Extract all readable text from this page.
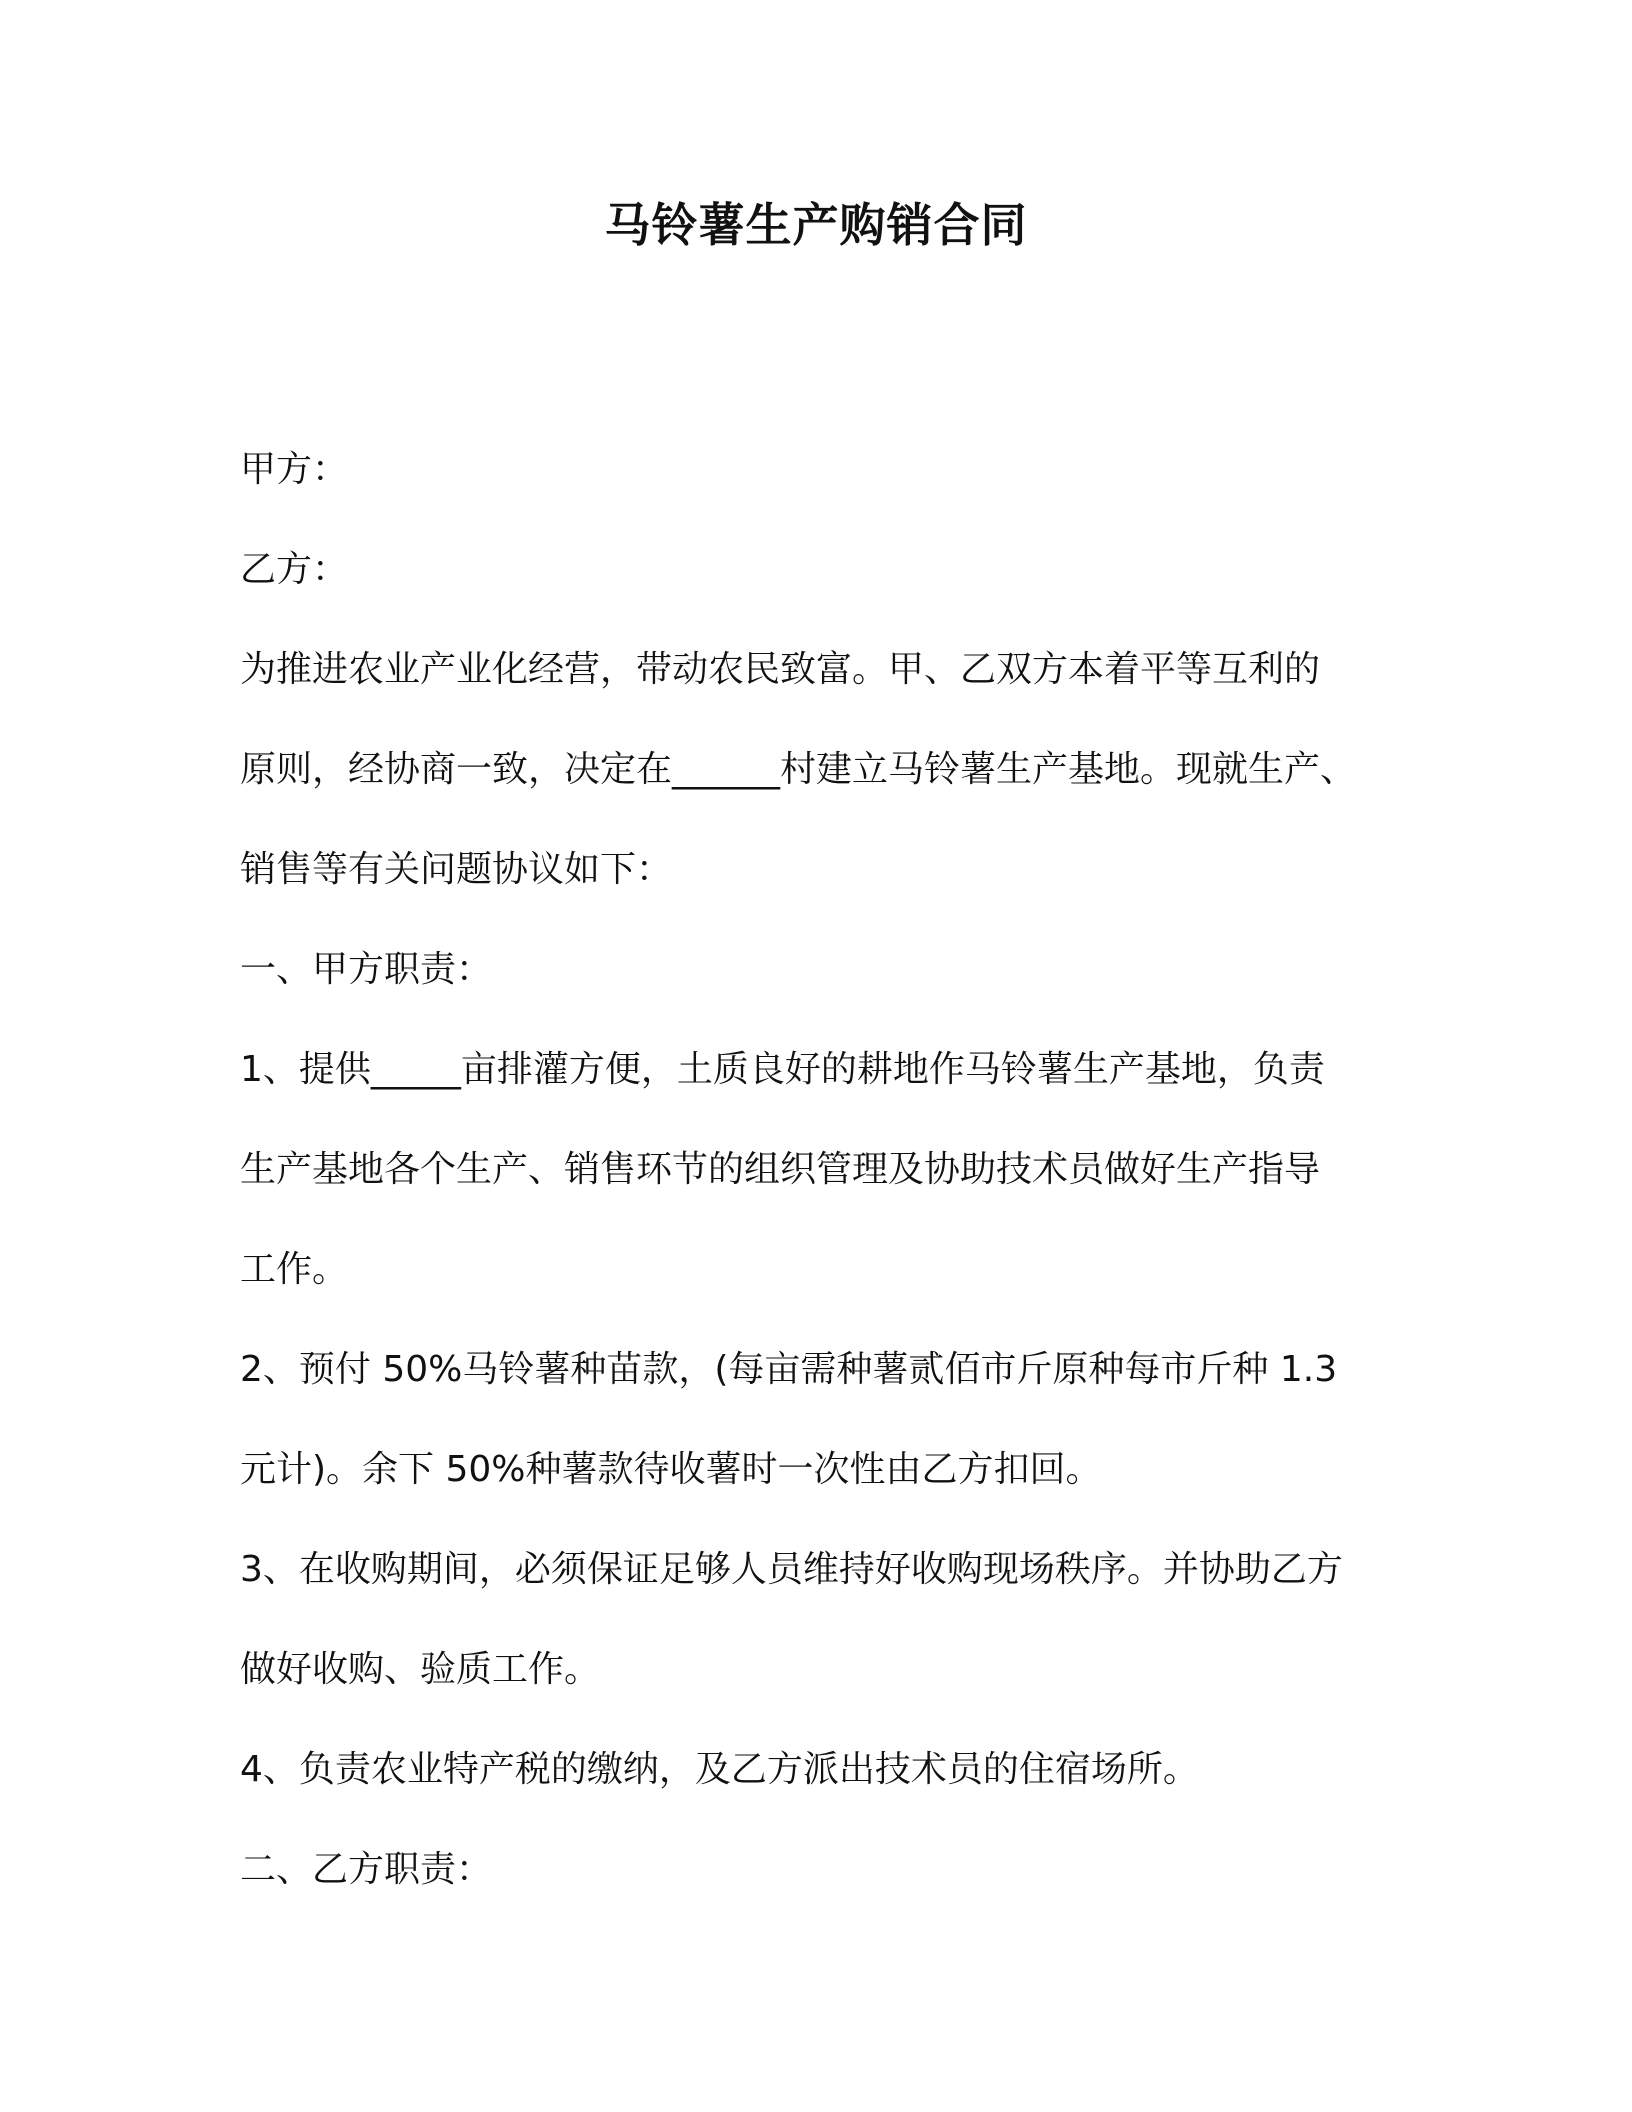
马铃薯生产购销合同

甲方：

乙方：

为推进农业产业化经营，带动农民致富。甲、乙双方本着平等互利的

原则，经协商一致，决定在______村建立马铃薯生产基地。现就生产、

销售等有关问题协议如下：

一、甲方职责：

1、提供_____亩排灌方便，土质良好的耕地作马铃薯生产基地，负责

生产基地各个生产、销售环节的组织管理及协助技术员做好生产指导

工作。

2、预付 50%马铃薯种苗款，(每亩需种薯贰佰市斤原种每市斤种 1.3

元计)。余下 50%种薯款待收薯时一次性由乙方扣回。

3、在收购期间，必须保证足够人员维持好收购现场秩序。并协助乙方

做好收购、验质工作。

4、负责农业特产税的缴纳，及乙方派出技术员的住宿场所。

二、乙方职责：
